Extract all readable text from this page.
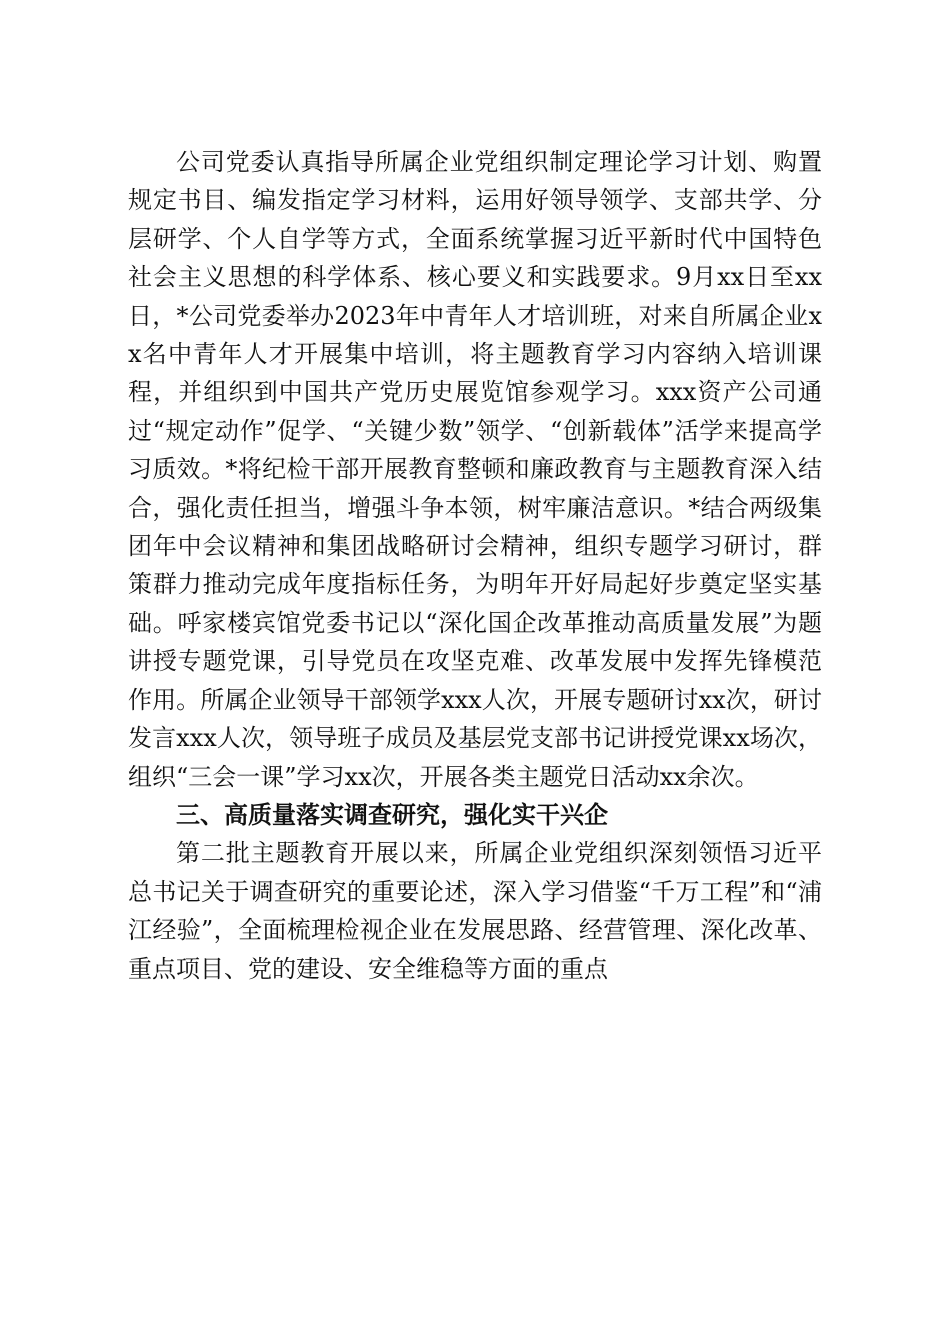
公司党委认真指导所属企业党组织制定理论学习计划、购置规定书目、编发指定学习材料，运用好领导领学、支部共学、分层研学、个人自学等方式，全面系统掌握习近平新时代中国特色社会主义思想的科学体系、核心要义和实践要求。9月xx日至xx日，*公司党委举办2023年中青年人才培训班，对来自所属企业xx名中青年人才开展集中培训，将主题教育学习内容纳入培训课程，并组织到中国共产党历史展览馆参观学习。xxx资产公司通过“规定动作”促学、“关键少数”领学、“创新载体”活学来提高学习质效。*将纪检干部开展教育整顿和廉政教育与主题教育深入结合，强化责任担当，增强斗争本领，树牢廉洁意识。*结合两级集团年中会议精神和集团战略研讨会精神，组织专题学习研讨，群策群力推动完成年度指标任务，为明年开好局起好步奠定坚实基础。呼家楼宾馆党委书记以“深化国企改革推动高质量发展”为题讲授专题党课，引导党员在攻坚克难、改革发展中发挥先锋模范作用。所属企业领导干部领学xxx人次，开展专题研讨xx次，研讨发言xxx人次，领导班子成员及基层党支部书记讲授党课xx场次，组织“三会一课”学习xx次，开展各类主题党日活动xx余次。

三、高质量落实调查研究，强化实干兴企

第二批主题教育开展以来，所属企业党组织深刻领悟习近平总书记关于调查研究的重要论述，深入学习借鉴“千万工程”和“浦江经验”，全面梳理检视企业在发展思路、经营管理、深化改革、重点项目、党的建设、安全维稳等方面的重点
